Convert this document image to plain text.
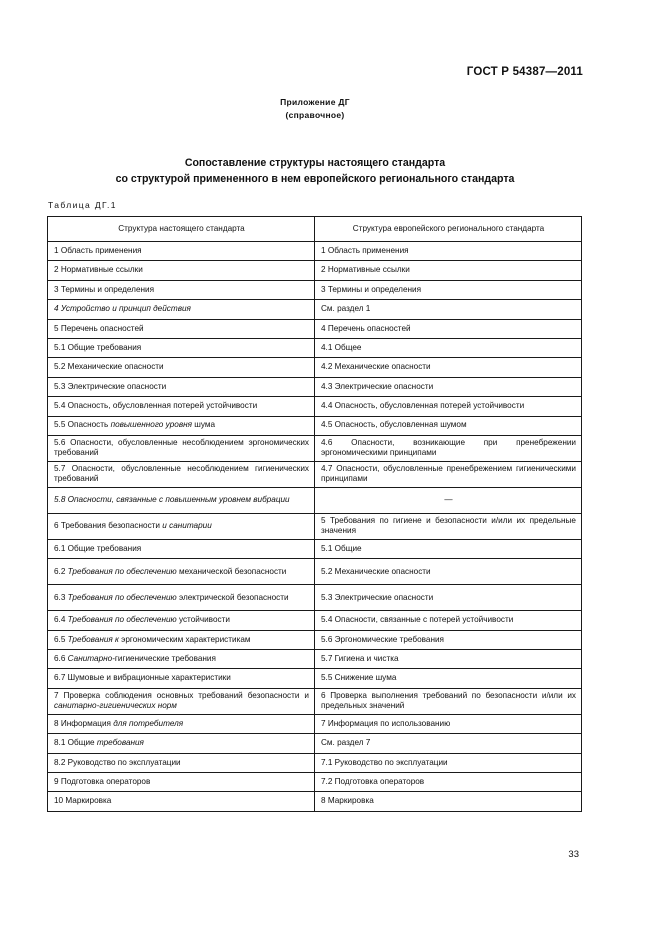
ГОСТ Р 54387—2011
Приложение ДГ
(справочное)
Сопоставление структуры настоящего стандарта
со структурой примененного в нем европейского регионального стандарта
Таблица ДГ.1
Структура настоящего стандарта	Структура европейского регионального стандарта
1 Область применения	1 Область применения
2 Нормативные ссылки	2 Нормативные ссылки
3 Термины и определения	3 Термины и определения
4 Устройство и принцип действия	См. раздел 1
5 Перечень опасностей	4 Перечень опасностей
5.1 Общие требования	4.1 Общее
5.2 Механические опасности	4.2 Механические опасности
5.3 Электрические опасности	4.3 Электрические опасности
5.4 Опасность, обусловленная потерей устойчивости	4.4 Опасность, обусловленная потерей устойчивости
5.5 Опасность повышенного уровня шума	4.5 Опасность, обусловленная шумом
5.6 Опасности, обусловленные несоблюдением эргономических требований	4.6 Опасности, возникающие при пренебрежении эргономическими принципами
5.7 Опасности, обусловленные несоблюдением гигиенических требований	4.7 Опасности, обусловленные пренебрежением гигиеническими принципами
5.8 Опасности, связанные с повышенным уровнем вибрации	—
6 Требования безопасности и санитарии	5 Требования по гигиене и безопасности и/или их предельные значения
6.1 Общие требования	5.1 Общие
6.2 Требования по обеспечению механической безопасности	5.2 Механические опасности
6.3 Требования по обеспечению электрической безопасности	5.3 Электрические опасности
6.4 Требования по обеспечению устойчивости	5.4 Опасности, связанные с потерей устойчивости
6.5 Требования к эргономическим характеристикам	5.6 Эргономические требования
6.6 Санитарно-гигиенические требования	5.7 Гигиена и чистка
6.7 Шумовые и вибрационные характеристики	5.5 Снижение шума
7 Проверка соблюдения основных требований безопасности и санитарно-гигиенических норм	6 Проверка выполнения требований по безопасности и/или их предельных значений
8 Информация для потребителя	7 Информация по использованию
8.1 Общие требования	См. раздел 7
8.2 Руководство по эксплуатации	7.1 Руководство по эксплуатации
9 Подготовка операторов	7.2 Подготовка операторов
10 Маркировка	8 Маркировка
33
